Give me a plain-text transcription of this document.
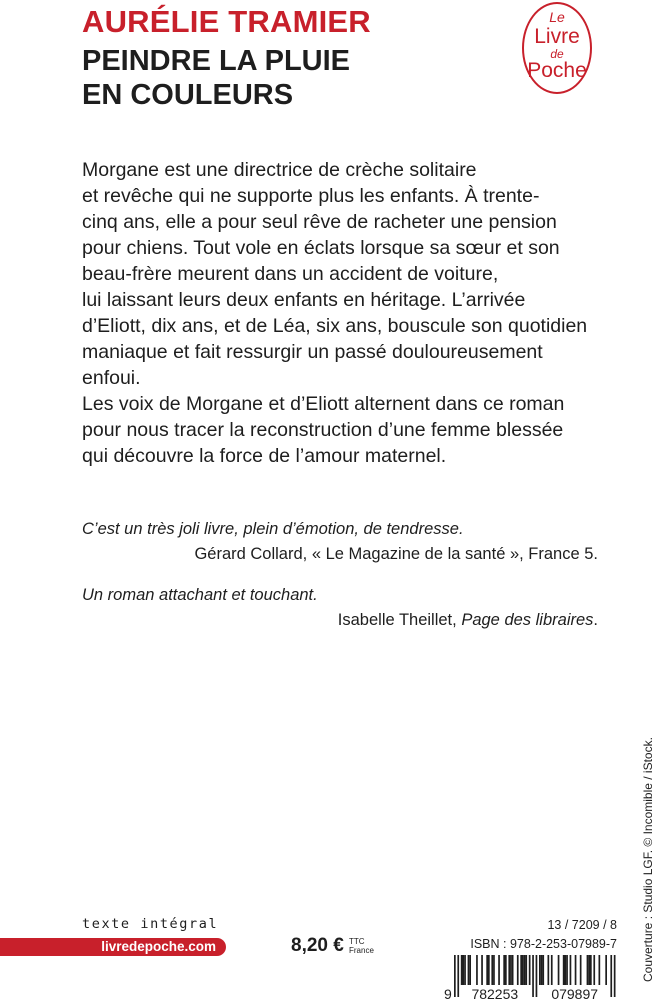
AURÉLIE TRAMIER
PEINDRE LA PLUIE
EN COULEURS
Le
Livre
de
Poche
Morgane est une directrice de crèche solitaire
et revêche qui ne supporte plus les enfants. À trente-
cinq ans, elle a pour seul rêve de racheter une pension
pour chiens. Tout vole en éclats lorsque sa sœur et son
beau-frère meurent dans un accident de voiture,
lui laissant leurs deux enfants en héritage. L’arrivée
d’Eliott, dix ans, et de Léa, six ans, bouscule son quotidien
maniaque et fait ressurgir un passé douloureusement
enfoui.
Les voix de Morgane et d’Eliott alternent dans ce roman
pour nous tracer la reconstruction d’une femme blessée
qui découvre la force de l’amour maternel.
C’est un très joli livre, plein d’émotion, de tendresse.
Gérard Collard, « Le Magazine de la santé », France 5.
Un roman attachant et touchant.
Isabelle Theillet, Page des libraires.
Couverture : Studio LGF. © Incomible / iStock.
texte intégral
livredepoche.com	8,20 € TTC
France
13 / 7209 / 8
ISBN : 978-2-253-07989-7
9 782253 079897
